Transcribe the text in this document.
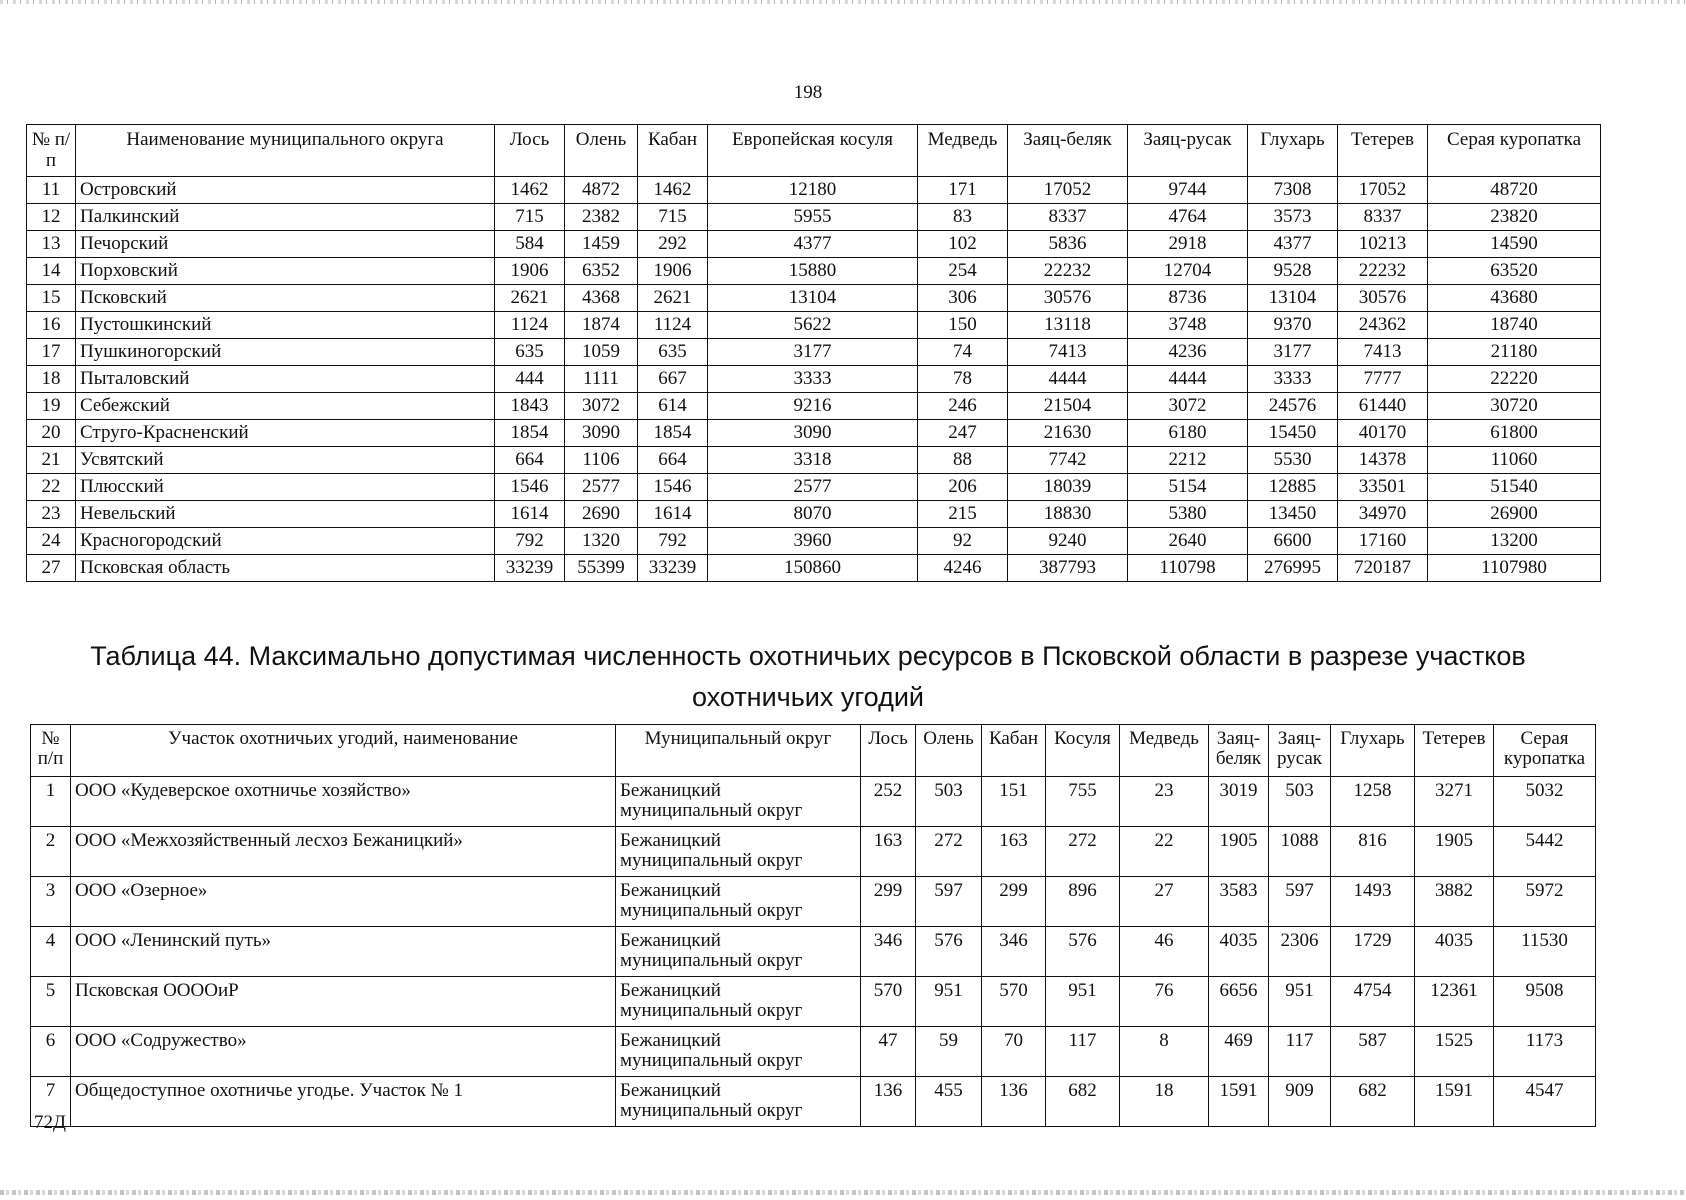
198
№ п/п	Наименование муниципального округа	Лось	Олень	Кабан	Европейская косуля	Медведь	Заяц-беляк	Заяц-русак	Глухарь	Тетерев	Серая куропатка
11	Островский	1462	4872	1462	12180	171	17052	9744	7308	17052	48720
12	Палкинский	715	2382	715	5955	83	8337	4764	3573	8337	23820
13	Печорский	584	1459	292	4377	102	5836	2918	4377	10213	14590
14	Порховский	1906	6352	1906	15880	254	22232	12704	9528	22232	63520
15	Псковский	2621	4368	2621	13104	306	30576	8736	13104	30576	43680
16	Пустошкинский	1124	1874	1124	5622	150	13118	3748	9370	24362	18740
17	Пушкиногорский	635	1059	635	3177	74	7413	4236	3177	7413	21180
18	Пыталовский	444	1111	667	3333	78	4444	4444	3333	7777	22220
19	Себежский	1843	3072	614	9216	246	21504	3072	24576	61440	30720
20	Струго-Красненский	1854	3090	1854	3090	247	21630	6180	15450	40170	61800
21	Усвятский	664	1106	664	3318	88	7742	2212	5530	14378	11060
22	Плюсский	1546	2577	1546	2577	206	18039	5154	12885	33501	51540
23	Невельский	1614	2690	1614	8070	215	18830	5380	13450	34970	26900
24	Красногородский	792	1320	792	3960	92	9240	2640	6600	17160	13200
27	Псковская область	33239	55399	33239	150860	4246	387793	110798	276995	720187	1107980
Таблица 44. Максимально допустимая численность охотничьих ресурсов в Псковской области в разрезе участков
охотничьих угодий
№ п/п	Участок охотничьих угодий, наименование	Муниципальный округ	Лось	Олень	Кабан	Косуля	Медведь	Заяц-беляк	Заяц-русак	Глухарь	Тетерев	Серая куропатка
1	ООО «Кудеверское охотничье хозяйство»	Бежаницкий муниципальный округ	252	503	151	755	23	3019	503	1258	3271	5032
2	ООО «Межхозяйственный лесхоз Бежаницкий»	Бежаницкий муниципальный округ	163	272	163	272	22	1905	1088	816	1905	5442
3	ООО «Озерное»	Бежаницкий муниципальный округ	299	597	299	896	27	3583	597	1493	3882	5972
4	ООО «Ленинский путь»	Бежаницкий муниципальный округ	346	576	346	576	46	4035	2306	1729	4035	11530
5	Псковская ОООOиР	Бежаницкий муниципальный округ	570	951	570	951	76	6656	951	4754	12361	9508
6	ООО «Содружество»	Бежаницкий муниципальный округ	47	59	70	117	8	469	117	587	1525	1173
7	Общедоступное охотничье угодье. Участок № 1	Бежаницкий муниципальный округ	136	455	136	682	18	1591	909	682	1591	4547
72Д
